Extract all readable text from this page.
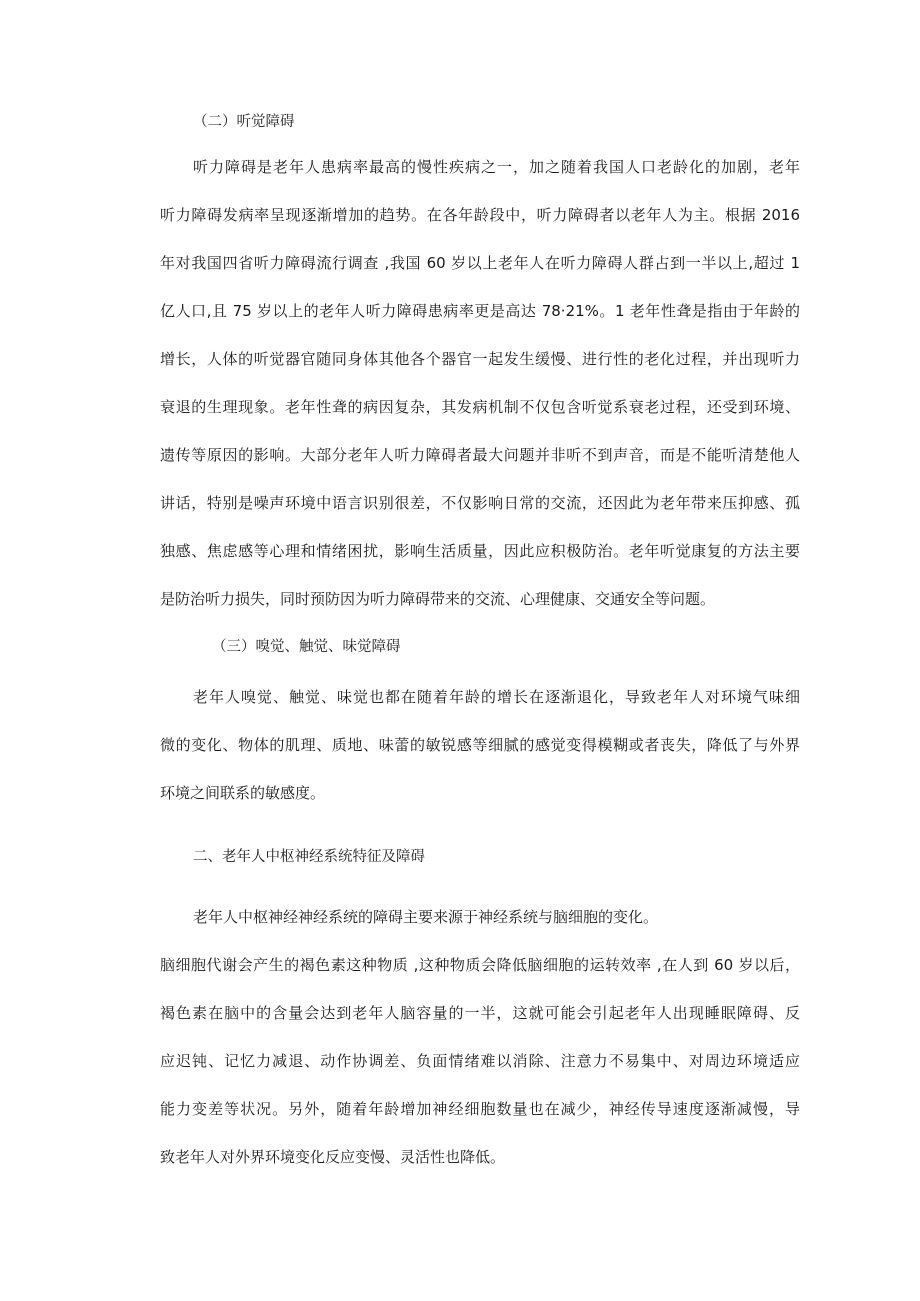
（二）听觉障碍
听力障碍是老年人患病率最高的慢性疾病之一，加之随着我国人口老龄化的加剧，老年
听力障碍发病率呈现逐渐增加的趋势。在各年龄段中，听力障碍者以老年人为主。根据 2016
年对我国四省听力障碍流行调查 ,我国 60 岁以上老年人在听力障碍人群占到一半以上,超过 1
亿人口,且 75 岁以上的老年人听力障碍患病率更是高达 78·21%。1 老年性聋是指由于年龄的
增长，人体的听觉器官随同身体其他各个器官一起发生缓慢、进行性的老化过程，并出现听力
衰退的生理现象。老年性聋的病因复杂，其发病机制不仅包含听觉系衰老过程，还受到环境、
遗传等原因的影响。大部分老年人听力障碍者最大问题并非听不到声音，而是不能听清楚他人
讲话，特别是噪声环境中语言识别很差，不仅影响日常的交流，还因此为老年带来压抑感、孤
独感、焦虑感等心理和情绪困扰，影响生活质量，因此应积极防治。老年听觉康复的方法主要
是防治听力损失，同时预防因为听力障碍带来的交流、心理健康、交通安全等问题。
（三）嗅觉、触觉、味觉障碍
老年人嗅觉、触觉、味觉也都在随着年龄的增长在逐渐退化，导致老年人对环境气味细
微的变化、物体的肌理、质地、味蕾的敏锐感等细腻的感觉变得模糊或者丧失，降低了与外界
环境之间联系的敏感度。
二、老年人中枢神经系统特征及障碍
老年人中枢神经神经系统的障碍主要来源于神经系统与脑细胞的变化。
脑细胞代谢会产生的褐色素这种物质 ,这种物质会降低脑细胞的运转效率 ,在人到 60 岁以后，
褐色素在脑中的含量会达到老年人脑容量的一半，这就可能会引起老年人出现睡眠障碍、反
应迟钝、记忆力减退、动作协调差、负面情绪难以消除、注意力不易集中、对周边环境适应
能力变差等状况。另外，随着年龄增加神经细胞数量也在减少，神经传导速度逐渐减慢，导
致老年人对外界环境变化反应变慢、灵活性也降低。
